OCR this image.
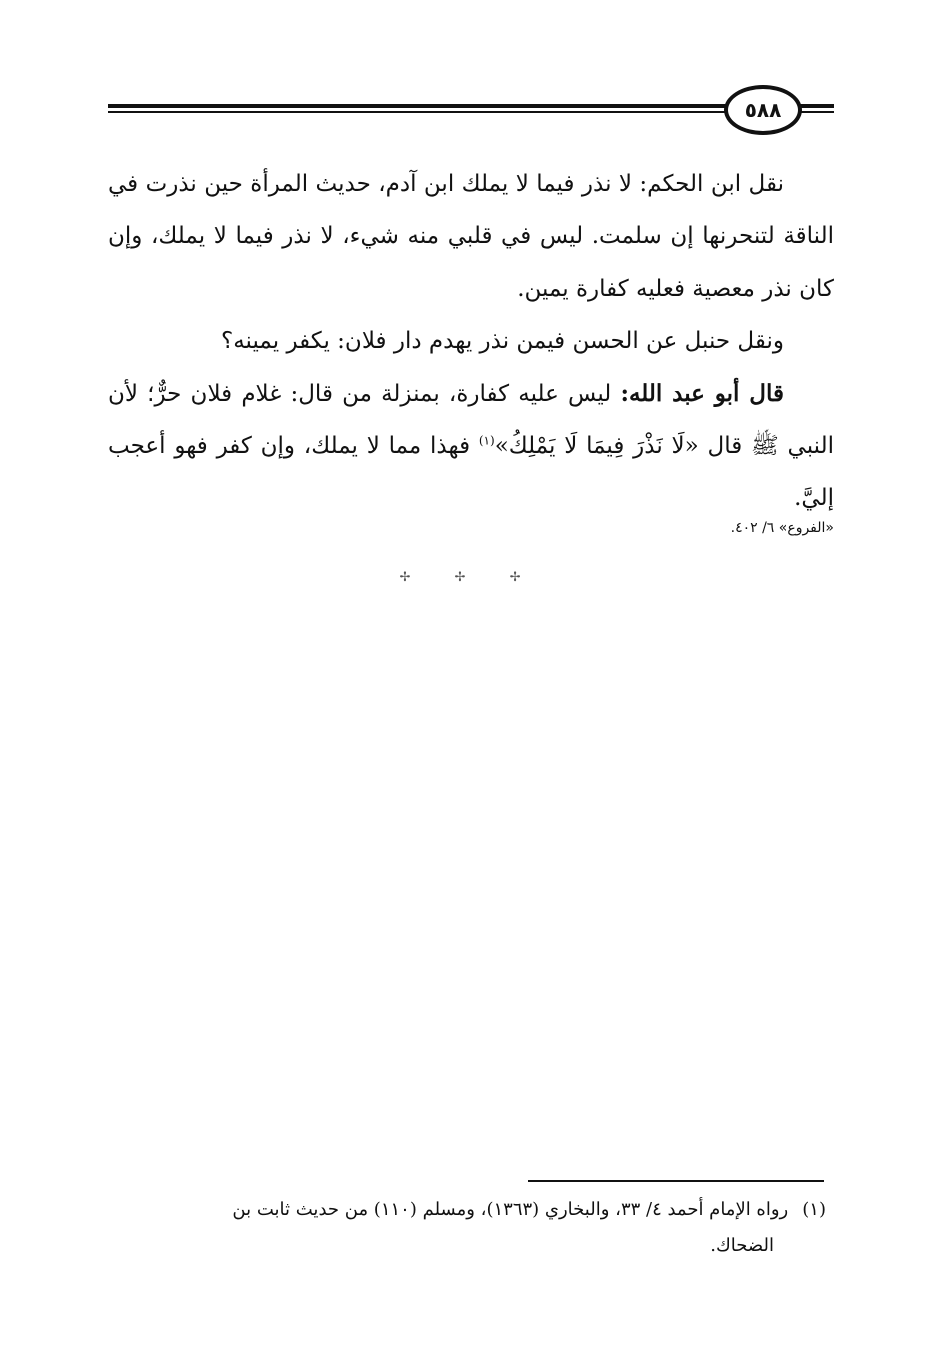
٥٨٨

نقل ابن الحكم: لا نذر فيما لا يملك ابن آدم، حديث المرأة حين نذرت في الناقة لتنحرنها إن سلمت. ليس في قلبي منه شيء، لا نذر فيما لا يملك، وإن كان نذر معصية فعليه كفارة يمين.

ونقل حنبل عن الحسن فيمن نذر يهدم دار فلان: يكفر يمينه؟

قال أبو عبد الله: ليس عليه كفارة، بمنزلة من قال: غلام فلان حرٌّ؛ لأن النبي ﷺ قال «لَا نَذْرَ فِيمَا لَا يَمْلِكُ»$^{(١)}$ فهذا مما لا يملك، وإن كفر فهو أعجب إليَّ.

«الفروع» ٦/ ٤٠٢.
✢ ✢ ✢
(١)رواه الإمام أحمد ٤/ ٣٣، والبخاري (١٣٦٣)، ومسلم (١١٠) من حديث ثابت بن
الضحاك.
